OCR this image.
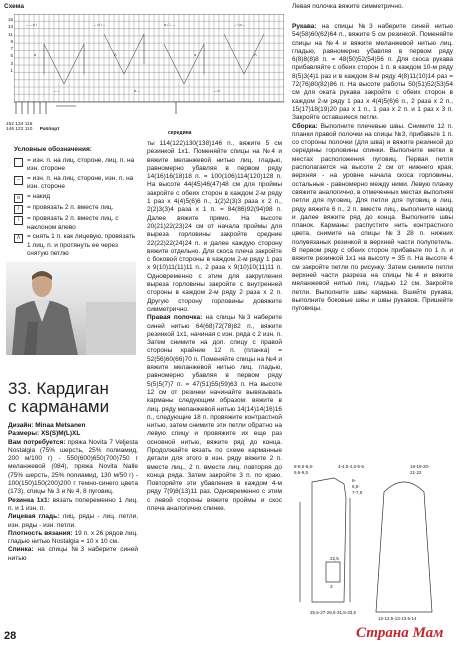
Схема
15
13
11
9
7
5
3
1
– – o /	– o \ –	o / – –	– \ o –
o	Λ	o	Λ
– –	o –	– o
152 134 116
146 122 110 Раппорт
середина
Условные обозначения:
= изн. п. на лиц. стороне, лиц. п. на изн. стороне
–	= изн. п. на лиц. стороне, изн. п. на изн. стороне
o	= накид
/	= провязать 2 п. вместе лиц.
\	= провязать 2 п. вместе лиц. с наклоном влево
Λ	= снять 1 п. как лицевую, провязать 1 лиц. п. и протянуть ее через снятую петлю
33. Кардиган
с карманами

Дизайн: Minaa Metsanen

Размеры: XS(S)M(L)XL

Вам потребуется: пряжа Novita 7 Veljesta Nostalgia (75% шерсть, 25% полиамид, 200 м/100 г) - 550(600)650(700)750 г меланжевой (084), пряжа Novita Nalle (75% шерсть, 25% полиамид, 130 м/50 г) - 100(150)150(200)200 г темно-синего цвета (173), спицы № 3 и № 4, 8 пуговиц.

Резинка 1х1: вязать попеременно 1 лиц. п. и 1 изн. п.

Лицевая гладь: лиц. ряды - лиц. петли, изн. ряды - изн. петли.

Плотность вязания: 19 п. х 26 рядов лиц. гладью нитью Nostalgia = 10 х 10 см.

Спинка: на спицы №3 наберите синей нитью

ты 114(122)130(138)146 п., вяжите 5 см резинкой 1х1. Поменяйте спицы на №4 и вяжите меланжевой нитью лиц. гладью, равномерно убавляя в первом ряду 14(16)16(18)18 п. = 100(106)114(120)128 п. На высоте 44(45)46(47)48 см для проймы закройте с обеих сторон в каждом 2-м ряду 1 раз х 4(4)5(6)6 п., 1(2)2(3)3 раза х 2 п., 2(2)3(3)4 раза х 1 п. = 84(86)92(94)98 п. Далее вяжите прямо. На высоте 20(21)22(23)24 см от начала проймы для выреза горловины закройте средние 22(22)22(24)24 п. и далее каждую сторону вяжите отдельно. Для скоса плеча закройте с боковой стороны в каждом 2-м ряду 1 раз х 9(10)11(11)11 п., 2 раза х 9(10)10(11)11 п. Одновременно с этим для закругления выреза горловины закройте с внутренней стороны в каждом 2-м ряду 2 раза х 2 п. Другую сторону горловины довяжите симметрично.

Правая полочка: на спицы №3 наберите синей нитью 64(68)72(78)82 п., вяжите резинкой 1х1, начиная с изн. ряда с 2 изн. п. Затем снимите на доп. спицу с правой стороны крайние 12 п. (планка) = 52(56)60(66)70 п. Поменяйте спицы на №4 и вяжите меланжевой нитью лиц. гладью, равномерно убавляя в первом ряду 5(5)5(7)7 п. = 47(51)55(59)63 п. На высоте 12 см от резинки начинайте вывязывать карманы следующим образом: вяжите в лиц. ряду меланжевой нитью 14(14)14(16)16 п., следующие 18 п. провяжите контрастной нитью, затем снимите эти петли обратно на левую спицу и провяжите их еще раз основной нитью, вяжите ряд до конца. Продолжайте вязать по схеме карманные детали для этого в изн. ряду вяжите 2 п. вместе лиц., 2 п. вместе лиц. повторяя до конца ряда. Затем закройте 3 п. по краю. Повторяйте эти убавления в каждом 4-м ряду 7(9)8(13)11 раз. Одновременно с этим с левой стороны вяжите проймы и скос плеча аналогично спинке.

Левая полочка вяжите симметрично.

Рукава: на спицы №3 наберите синей нитью 54(58)60(62)64 п., вяжите 5 см резинкой. Поменяйте спицы на №4 и вяжите меланжевой нитью лиц. гладью, равномерно убавляя в первом ряду 6(8)8(8)8 п. = 48(50)52(54)56 п. Для скоса рукава прибавляйте с обеих сторон 1 п. в каждом 10-м ряду 8(5)3(4)1 раз и в каждом 8-м ряду 4(8)11(10)14 раз = 72(76)80(82)86 п. На высоте работы 50(51)52(53)54 см для оката рукава закройте с обеих сторон в каждом 2-м ряду 1 раз х 4(4)5(6)6 п., 2 раза х 2 п., 15(17)18(19)20 раз х 1 п., 1 раз х 2 п. и 1 раз х 3 п. Закройте оставшиеся петли.

Сборка: Выполните плечевые швы. Снимите 12 п. планки правой полочки на спицы №3, прибавьте 1 п. со стороны полочки (для шва) и вяжите резинкой до середины горловины спинки. Выполните метки в местах расположения пуговиц. Первая петля располагается на высоте 2 см от нижнего края, верхняя - на уровне начала скоса горловины, остальные - равномерно между ними. Левую планку свяжите аналогично, в отмеченных местах выполняя петли для пуговиц. Для петли для пуговиц в лиц. ряду вяжите 6 п., 2 п. вместе лиц., выполните накид и далее вяжите ряд до конца. Выполните швы планок. Карманы: распустите нить контрастного цвета, снимите на спицы №3 28 п. нижних полувязаных резинкой в верхней части полупетель. В первом ряду с обеих сторон прибавьте по 1 п. и вяжите резинкой 1х1 на высоту = 35 п. На высоте 4 см закройте петли по рисунку. Затем снимите петли верхней части разреза на спицы №4 и вяжите меланжевой нитью лиц. гладью 12 см. Закройте петли. Выполните швы кармана. Вшейте рукава, выполните боковые швы и швы рукавов. Пришейте пуговицы.

8-8,5-8,5-
9,5-9,5
4-4,5-4,5-5-5
6-
6,5-
7-7,5
18-19-20-
21-22
22,5
3
25,5-27-29,5-31,5-33,5
12-12,5-13-13,5-14
28	Страна Мам
